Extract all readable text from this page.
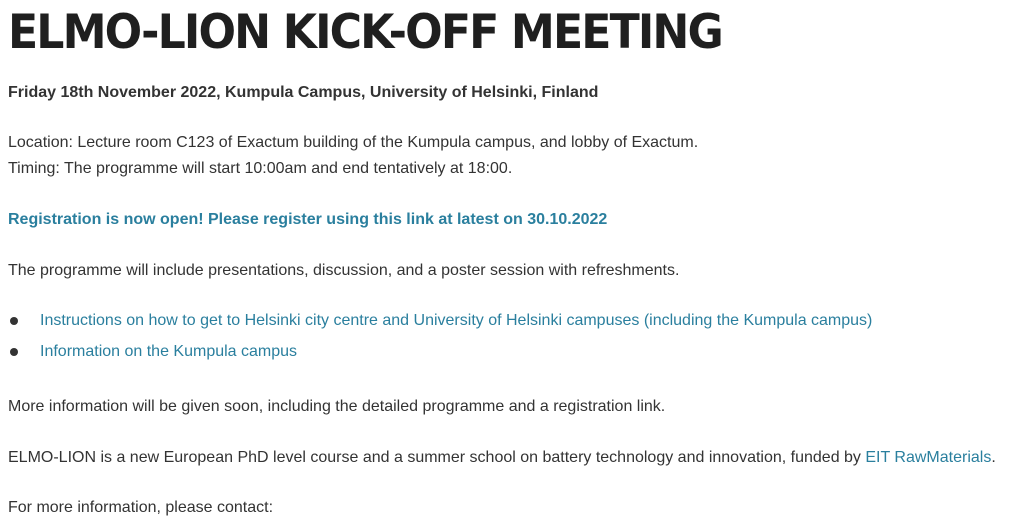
ELMO-LION KICK-OFF MEETING
Friday 18th November 2022, Kumpula Campus, University of Helsinki, Finland
Location: Lecture room C123 of Exactum building of the Kumpula campus, and lobby of Exactum.
Timing: The programme will start 10:00am and end tentatively at 18:00.
Registration is now open! Please register using this link at latest on 30.10.2022
The programme will include presentations, discussion, and a poster session with refreshments.
Instructions on how to get to Helsinki city centre and University of Helsinki campuses (including the Kumpula campus)
Information on the Kumpula campus
More information will be given soon, including the detailed programme and a registration link.
ELMO-LION is a new European PhD level course and a summer school on battery technology and innovation, funded by EIT RawMaterials.
For more information, please contact:
